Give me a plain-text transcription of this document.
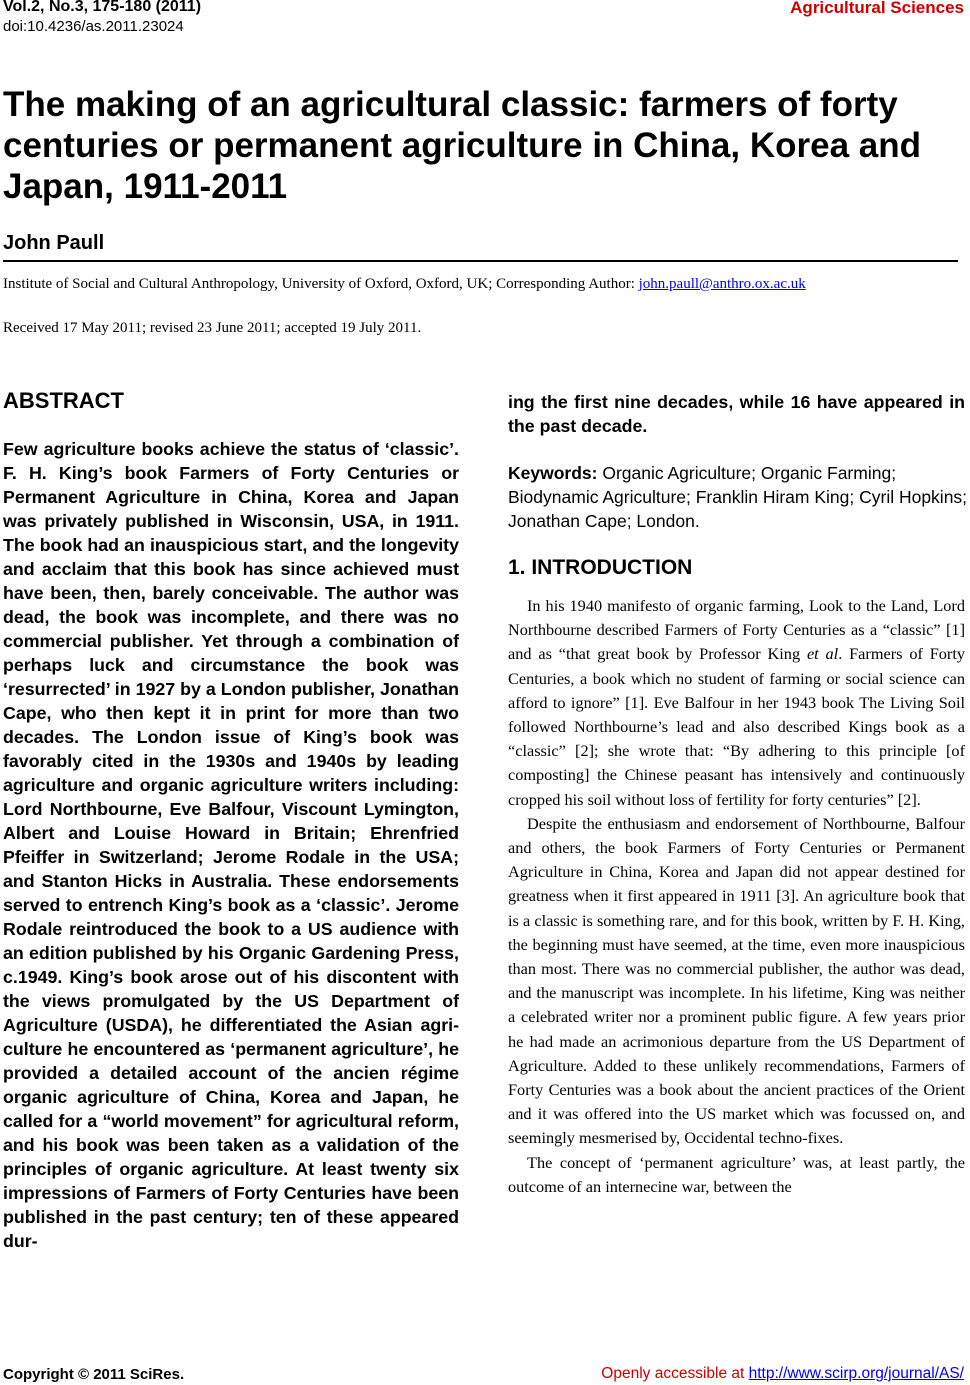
Vol.2, No.3, 175-180 (2011)
doi:10.4236/as.2011.23024
Agricultural Sciences
The making of an agricultural classic: farmers of forty centuries or permanent agriculture in China, Korea and Japan, 1911-2011
John Paull
Institute of Social and Cultural Anthropology, University of Oxford, Oxford, UK; Corresponding Author: john.paull@anthro.ox.ac.uk
Received 17 May 2011; revised 23 June 2011; accepted 19 July 2011.
ABSTRACT

Few agriculture books achieve the status of ‘classic’. F. H. King’s book Farmers of Forty Centuries or Permanent Agriculture in China, Korea and Japan was privately published in Wisconsin, USA, in 1911. The book had an inauspicious start, and the longevity and acclaim that this book has since achieved must have been, then, barely conceivable. The author was dead, the book was incomplete, and there was no commercial publisher. Yet through a combination of perhaps luck and circumstance the book was ‘resurrected’ in 1927 by a London publisher, Jonathan Cape, who then kept it in print for more than two decades. The London issue of King’s book was favorably cited in the 1930s and 1940s by leading agriculture and organic agriculture writers including: Lord Northbourne, Eve Balfour, Viscount Lymington, Albert and Louise Howard in Britain; Ehrenfried Pfeiffer in Switzerland; Jerome Rodale in the USA; and Stanton Hicks in Australia. These endorsements served to entrench King’s book as a ‘classic’. Jerome Rodale reintroduced the book to a US audience with an edition published by his Organic Gardening Press, c.1949. King’s book arose out of his discontent with the views promulgated by the US Department of Agriculture (USDA), he differentiated the Asian agriculture he encountered as ‘permanent agriculture’, he provided a detailed account of the ancien régime organic agriculture of China, Korea and Japan, he called for a “world movement” for agricultural reform, and his book was been taken as a validation of the principles of organic agriculture. At least twenty six impressions of Farmers of Forty Centuries have been published in the past century; ten of these appeared dur-

ing the first nine decades, while 16 have appeared in the past decade.

Keywords: Organic Agriculture; Organic Farming; Biodynamic Agriculture; Franklin Hiram King; Cyril Hopkins; Jonathan Cape; London.

1. INTRODUCTION

In his 1940 manifesto of organic farming, Look to the Land, Lord Northbourne described Farmers of Forty Centuries as a “classic” [1] and as “that great book by Professor King et al. Farmers of Forty Centuries, a book which no student of farming or social science can afford to ignore” [1]. Eve Balfour in her 1943 book The Living Soil followed Northbourne’s lead and also described Kings book as a “classic” [2]; she wrote that: “By adhering to this principle [of composting] the Chinese peasant has intensively and continuously cropped his soil without loss of fertility for forty centuries” [2].

Despite the enthusiasm and endorsement of Northbourne, Balfour and others, the book Farmers of Forty Centuries or Permanent Agriculture in China, Korea and Japan did not appear destined for greatness when it first appeared in 1911 [3]. An agriculture book that is a classic is something rare, and for this book, written by F. H. King, the beginning must have seemed, at the time, even more inauspicious than most. There was no commercial publisher, the author was dead, and the manuscript was incomplete. In his lifetime, King was neither a celebrated writer nor a prominent public figure. A few years prior he had made an acrimonious departure from the US Department of Agriculture. Added to these unlikely recommendations, Farmers of Forty Centuries was a book about the ancient practices of the Orient and it was offered into the US market which was focussed on, and seemingly mesmerised by, Occidental techno-fixes.

The concept of ‘permanent agriculture’ was, at least partly, the outcome of an internecine war, between the

Copyright © 2011 SciRes.	Openly accessible at http://www.scirp.org/journal/AS/
